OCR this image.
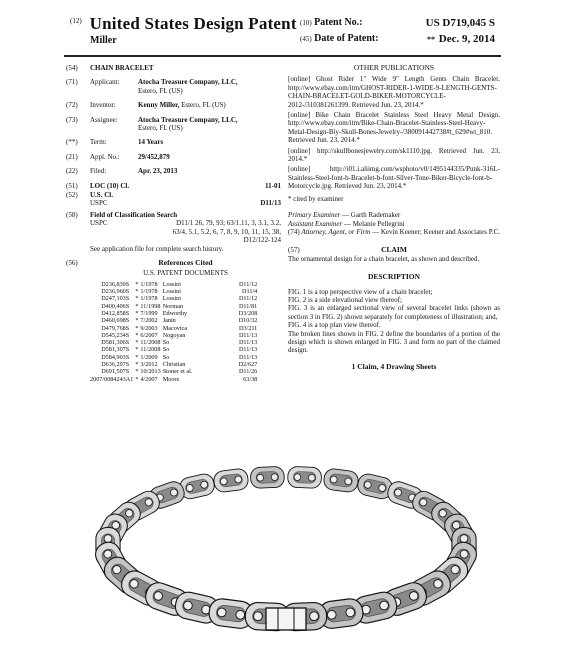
$^{(12)}$ United States Design Patent
Miller
(10) Patent No.:	US D719,045 S
(45) Date of Patent:	** Dec. 9, 2014
(54) CHAIN BRACELET
(71) Applicant:	Atocha Treasure Company, LLC,
Estero, FL (US)
(72) Inventor:	Kenny Miller, Estero, FL (US)
(73) Assignee:	Atocha Treasure Company, LLC,
Estero, FL (US)
(**) Term:	14 Years
(21) Appl. No.:	29/452,879
(22) Filed:	Apr. 23, 2013
(51) LOC (10) Cl.	11-01
(52) U.S. Cl.
USPC	D11/13
(58) Field of Classification Search
USPC	D11/1 26, 79, 93; 63/1.11, 3, 3.1, 3.2,
63/4, 5.1, 5.2, 6, 7, 8, 9, 10, 11, 15, 38,
D12/122-124
See application file for complete search history.
(56)	References Cited
U.S. PATENT DOCUMENTS
D236,839	S	*	1/1978	Lossini	D11/12
D236,960	S	*	1/1978	Lossini	D11/4
D247,103	S	*	1/1978	Lossini	D11/12
D400,406	S	*	11/1998	Norman	D11/81
D412,858	S	*	7/1999	Edworthy	D3/208
D460,698	S	*	7/2002	Janin	D10/32
D479,768	S	*	9/2003	Macovica	D3/211
D545,234	S	*	6/2007	Nogoyan	D11/13
D581,306	S	*	11/2008	So	D11/13
D581,307	S	*	11/2008	So	D11/13
D584,903	S	*	1/2009	So	D11/13
D636,297	S	*	3/2012	Christian	D2/627
D691,507	S	*	10/2013	Stoner et al.	D11/26
2007/0084243	A1	*	4/2007	Moore	63/38
OTHER PUBLICATIONS

[online] Ghost Rider 1" Wide 9" Length Gents Chain Bracelet. http://www.ebay.com/itm/GHOST-RIDER-1-WIDE-9-LENGTH-GENTS-CHAIN-BRACELET-GOLD-BIKER-MOTORCYCLE-2012-/310381261399. Retrieved Jun. 23, 2014.*

[online] Bike Chain Bracelet Stainless Steel Heavy Metal Design. http://www.ebay.com/itm/Bike-Chain-Bracelet-Stainless-Steel-Heavy-Metal-Design-Biy-Skull-Bones-Jewelry-/380091442738#t_629#wt_810. Retrieved Jun. 23, 2014.*

[online] http://skullbonesjewelry.com/sk1110.jpg. Retrieved Jun. 23, 2014.*

[online] http://i01.i.aliimg.com/wsphoto/v0/1495144335/Punk-316L-Stainless-Steel-font-b-Bracelet-b-font-Silver-Tone-Biker-Bicycle-font-b-Motorcycle.jpg. Retrieved Jun. 23, 2014.*

* cited by examiner
Primary Examiner — Garth Rademaker
Assistant Examiner — Melanie Pellegrini
(74) Attorney, Agent, or Firm — Kevin Keener; Keener and Associates P.C.
(57)	CLAIM

The ornamental design for a chain bracelet, as shown and described.

DESCRIPTION

FIG. 1 is a top perspective view of a chain bracelet;

FIG. 2 is a side elevational view thereof;

FIG. 3 is an enlarged sectional view of several bracelet links (shown as section 3 in FIG. 2) shown separately for completeness of illustration; and,

FIG. 4 is a top plan view thereof.

The broken lines shown in FIG. 2 define the boundaries of a portion of the design which is shown enlarged in FIG. 3 and form no part of the claimed design.

1 Claim, 4 Drawing Sheets
